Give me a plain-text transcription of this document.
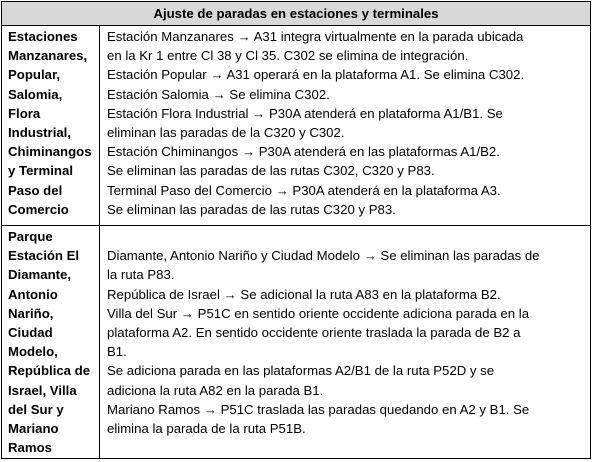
Ajuste de paradas en estaciones y terminales
Estaciones
Manzanares,
Popular,
Salomia,
Flora
Industrial,
Chiminangos
y Terminal
Paso del
Comercio
Estación Manzanares → A31 integra virtualmente en la parada ubicada
en la Kr 1 entre Cl 38 y Cl 35. C302 se elimina de integración.
Estación Popular → A31 operará en la plataforma A1. Se elimina C302.
Estación Salomia → Se elimina C302.
Estación Flora Industrial → P30A atenderá en plataforma A1/B1. Se
eliminan las paradas de la C320 y C302.
Estación Chiminangos → P30A atenderá en las plataformas A1/B2.
Se eliminan las paradas de las rutas C302, C320 y P83.
Terminal Paso del Comercio → P30A atenderá en la plataforma A3.
Se eliminan las paradas de las rutas C320 y P83.
Parque
Estación El
Diamante,
Antonio
Nariño,
Ciudad
Modelo,
República de
Israel, Villa
del Sur y
Mariano
Ramos
Diamante, Antonio Nariño y Ciudad Modelo → Se eliminan las paradas de
la ruta P83.
República de Israel → Se adicional la ruta A83 en la plataforma B2.
Villa del Sur → P51C en sentido oriente occidente adiciona parada en la
plataforma A2. En sentido occidente oriente traslada la parada de B2 a
B1.
Se adiciona parada en las plataformas A2/B1 de la ruta P52D y se
adiciona la ruta A82 en la parada B1.
Mariano Ramos → P51C traslada las paradas quedando en A2 y B1. Se
elimina la parada de la ruta P51B.
